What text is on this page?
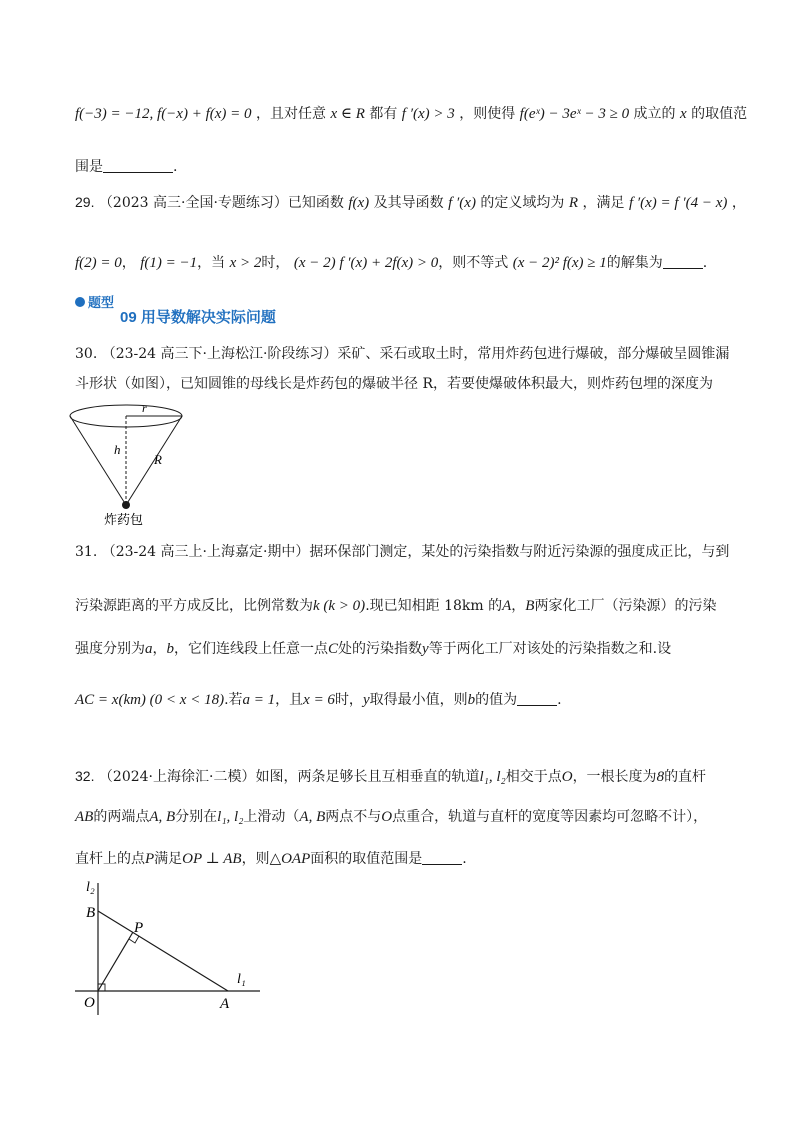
f(−3) = −12, f(−x) + f(x) = 0 ，且对任意 x ∈ R 都有 f ′(x) > 3 ，则使得 f(eˣ) − 3eˣ − 3 ≥ 0 成立的 x 的取值范
围是	.
29. （2023 高三·全国·专题练习）已知函数 f(x) 及其导函数 f ′(x) 的定义域均为 R ，满足 f ′(x) = f ′(4 − x) ，
f(2) = 0， f(1) = −1，当 x > 2时， (x − 2) f ′(x) + 2f(x) > 0，则不等式 (x − 2)² f(x) ≥ 1的解集为	.
题型
09 用导数解决实际问题
30. （23-24 高三下·上海松江·阶段练习）采矿、采石或取土时，常用炸药包进行爆破，部分爆破呈圆锥漏
斗形状（如图），已知圆锥的母线长是炸药包的爆破半径 R，若要使爆破体积最大，则炸药包埋的深度为
r
h
R
炸药包
31. （23-24 高三上·上海嘉定·期中）据环保部门测定，某处的污染指数与附近污染源的强度成正比，与到
污染源距离的平方成反比，比例常数为k (k > 0).现已知相距 18km 的A，B两家化工厂（污染源）的污染
强度分别为a，b，它们连线段上任意一点C处的污染指数y等于两化工厂对该处的污染指数之和.设
AC = x(km) (0 < x < 18).若a = 1，且x = 6时，y取得最小值，则b的值为	.
32. （2024·上海徐汇·二模）如图，两条足够长且互相垂直的轨道l₁, l₂相交于点O，一根长度为8的直杆
AB的两端点A, B分别在l₁, l₂上滑动（A, B两点不与O点重合，轨道与直杆的宽度等因素均可忽略不计），
直杆上的点P满足OP ⊥ AB，则△OAP面积的取值范围是	.
l₂
B
P
l₁
O	A
